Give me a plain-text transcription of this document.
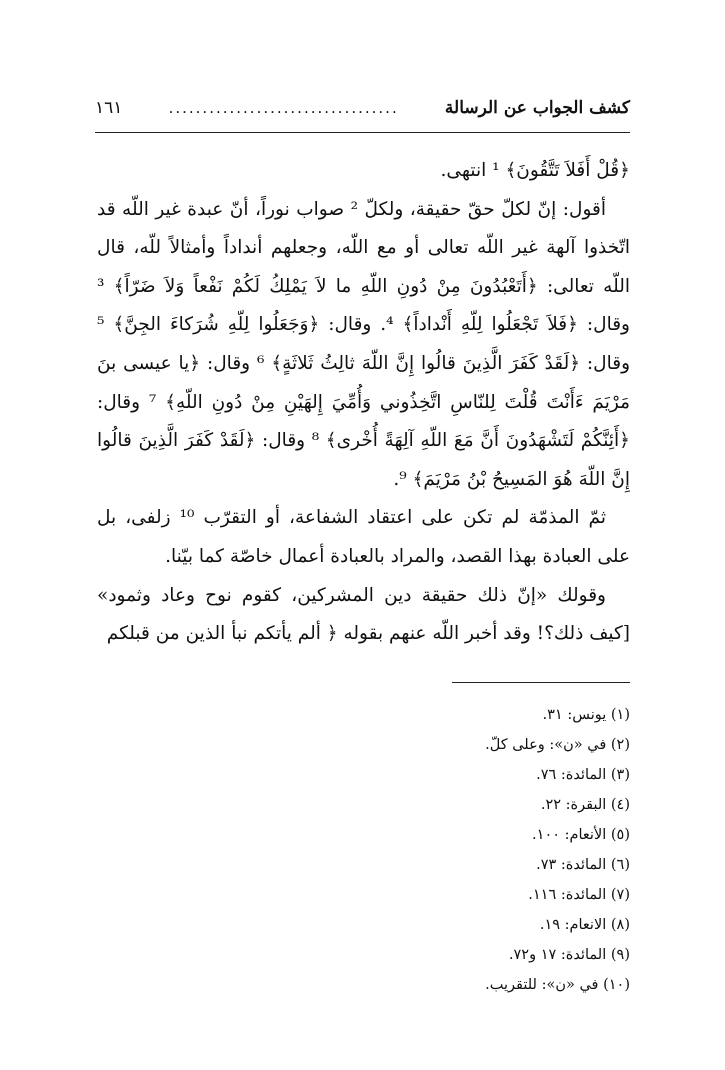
كشف الجواب عن الرسالة
..................................
١٦١

﴿قُلْ أَفَلاَ تَتَّقُونَ﴾ ¹ انتهى.

أقول: إنّ لكلّ حقّ حقيقة، ولكلّ ² صواب نوراً، أنّ عبدة غير اللّه قد اتّخذوا آلهة غير اللّه تعالى أو مع اللّه، وجعلهم أنداداً وأمثالاً للّه، قال اللّه تعالى: ﴿أَتَعْبُدُونَ مِنْ دُونِ اللّهِ ما لاَ يَمْلِكُ لَكُمْ نَفْعاً وَلاَ ضَرّاً﴾ ³ وقال: ﴿فَلاَ تَجْعَلُوا لِلّهِ أَنْداداً﴾ ⁴. وقال: ﴿وَجَعَلُوا لِلّهِ شُرَكاءَ الجِنَّ﴾ ⁵ وقال: ﴿لَقَدْ كَفَرَ الَّذِينَ قالُوا إِنَّ اللّهَ ثالِثُ ثَلاثَةٍ﴾ ⁶ وقال: ﴿يا عيسى بنَ مَرْيَمَ ءَأَنْتَ قُلْتَ لِلنّاسِ اتَّخِذُوني وَأُمِّيَ إِلهَيْنِ مِنْ دُونِ اللّهِ﴾ ⁷ وقال: ﴿أَئِنَّكُمْ لَتَشْهَدُونَ أَنَّ مَعَ اللّهِ آلِهَةً أُخْرى﴾ ⁸ وقال: ﴿لَقَدْ كَفَرَ الَّذِينَ قالُوا إِنَّ اللّهَ هُوَ المَسِيحُ بْنُ مَرْيَمَ﴾ ⁹.

ثمّ المذمّة لم تكن على اعتقاد الشفاعة، أو التقرّب ¹⁰ زلفى، بل على العبادة بهذا القصد، والمراد بالعبادة أعمال خاصّة كما بيّنا.

وقولك «إنّ ذلك حقيقة دين المشركين، كقوم نوح وعاد وثمود» [كيف ذلك؟! وقد أخبر اللّه عنهم بقوله ﴿ ألم يأتكم نبأ الذين من قبلكم

(١) يونس: ٣١.
(٢) في «ن»: وعلى كلّ.
(٣) المائدة: ٧٦.
(٤) البقرة: ٢٢.
(٥) الأنعام: ١٠٠.
(٦) المائدة: ٧٣.
(٧) المائدة: ١١٦.
(٨) الانعام: ١٩.
(٩) المائدة: ١٧ و٧٢.
(١٠) في «ن»: للتقريب.
